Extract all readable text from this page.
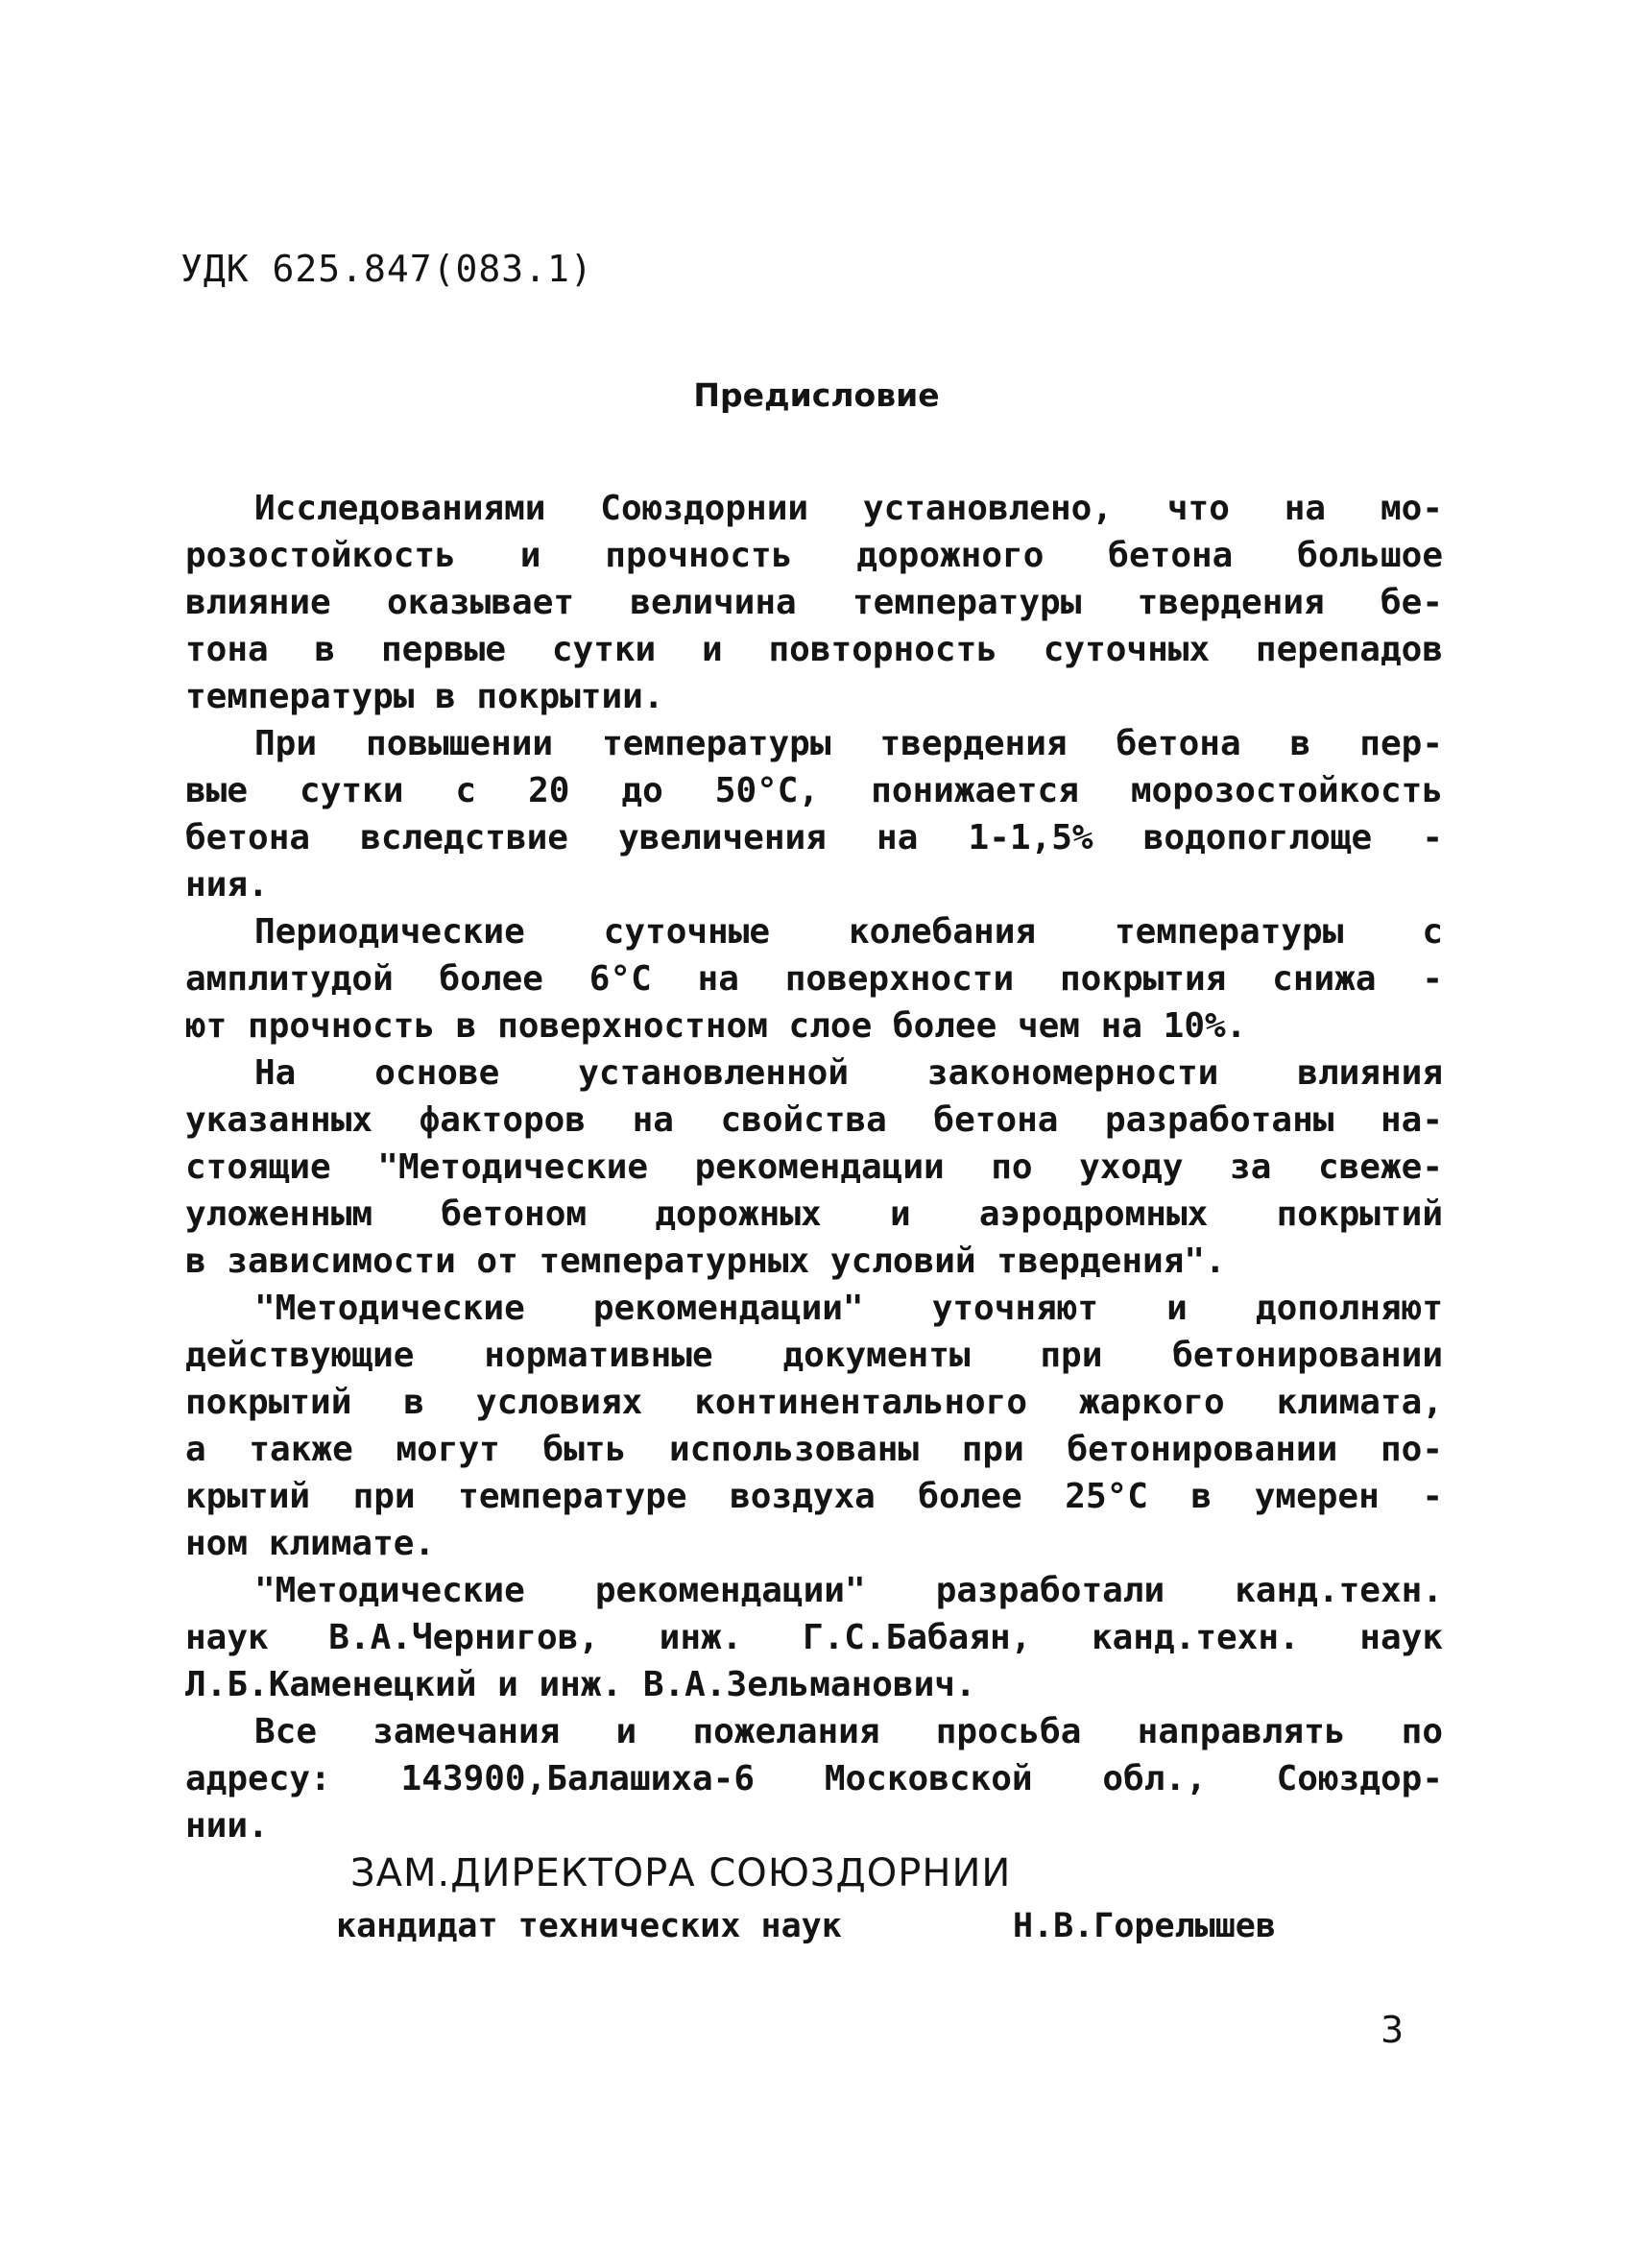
УДК 625.847(083.1)
Предисловие
Исследованиями Союздорнии установлено, что на мо-
розостойкость и прочность дорожного бетона большое
влияние оказывает величина температуры твердения бе-
тона в первые сутки и повторность суточных перепадов
температуры в покрытии.
При повышении температуры твердения бетона в пер-
вые сутки с 20 до 50°С, понижается морозостойкость
бетона вследствие увеличения на 1-1,5% водопоглоще -
ния.
Периодические суточные колебания температуры с
амплитудой более 6°С на поверхности покрытия снижа -
ют прочность в поверхностном слое более чем на 10%.
На основе установленной закономерности влияния
указанных факторов на свойства бетона разработаны на-
стоящие "Методические рекомендации по уходу за свеже-
уложенным бетоном дорожных и аэродромных покрытий
в зависимости от температурных условий твердения".
"Методические рекомендации" уточняют и дополняют
действующие нормативные документы при бетонировании
покрытий в условиях континентального жаркого климата,
а также могут быть использованы при бетонировании по-
крытий при температуре воздуха более 25°С в умерен -
ном климате.
"Методические рекомендации" разработали канд.техн.
наук В.А.Чернигов, инж. Г.С.Бабаян, канд.техн. наук
Л.Б.Каменецкий и инж. В.А.Зельманович.
Все замечания и пожелания просьба направлять по
адресу: 143900,Балашиха-6 Московской обл., Союздор-
нии.
ЗАМ.ДИРЕКТОРА СОЮЗДОРНИИ
кандидат технических наук	Н.В.Горелышев
3
